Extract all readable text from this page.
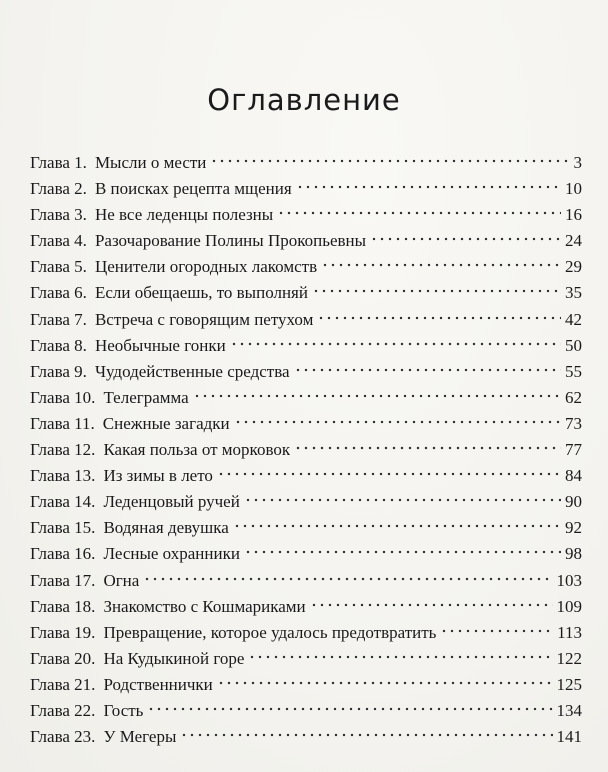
Оглавление
Глава 1. Мысли о мести	3
Глава 2. В поисках рецепта мщения	10
Глава 3. Не все леденцы полезны	16
Глава 4. Разочарование Полины Прокопьевны	24
Глава 5. Ценители огородных лакомств	29
Глава 6. Если обещаешь, то выполняй	35
Глава 7. Встреча с говорящим петухом	42
Глава 8. Необычные гонки	50
Глава 9. Чудодейственные средства	55
Глава 10. Телеграмма	62
Глава 11. Снежные загадки	73
Глава 12. Какая польза от морковок	77
Глава 13. Из зимы в лето	84
Глава 14. Леденцовый ручей	90
Глава 15. Водяная девушка	92
Глава 16. Лесные охранники	98
Глава 17. Огна	103
Глава 18. Знакомство с Кошмариками	109
Глава 19. Превращение, которое удалось предотвратить	113
Глава 20. На Кудыкиной горе	122
Глава 21. Родственнички	125
Глава 22. Гость	134
Глава 23. У Мегеры	141
